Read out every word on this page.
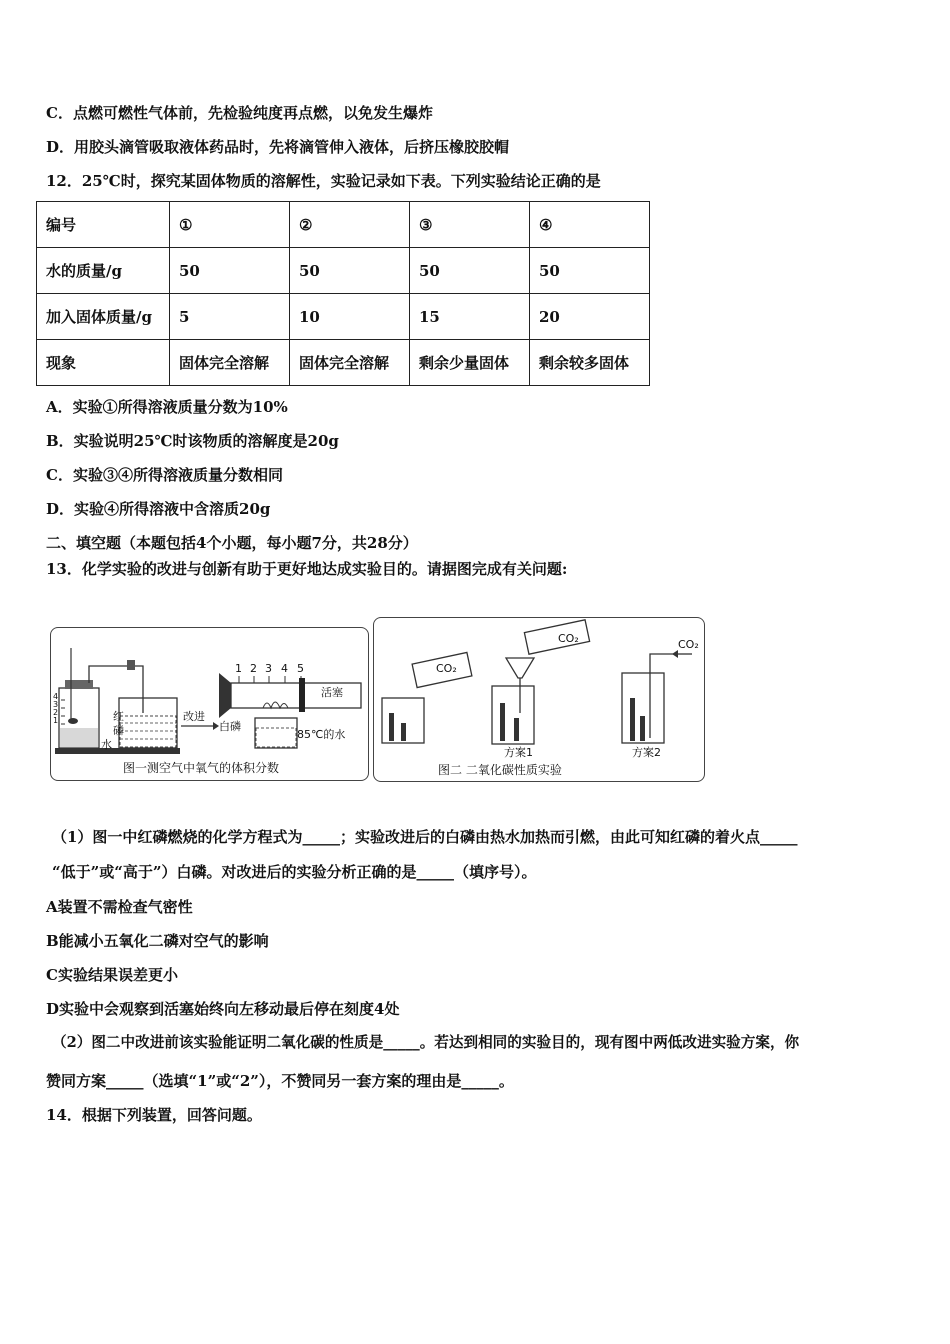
C．点燃可燃性气体前，先检验纯度再点燃，以免发生爆炸
D．用胶头滴管吸取液体药品时，先将滴管伸入液体，后挤压橡胶胶帽
12．25℃时，探究某固体物质的溶解性，实验记录如下表。下列实验结论正确的是
编号	①	②	③	④
水的质量/g	50	50	50	50
加入固体质量/g	5	10	15	20
现象	固体完全溶解	固体完全溶解	剩余少量固体	剩余较多固体
A．实验①所得溶液质量分数为10%
B．实验说明25℃时该物质的溶解度是20g
C．实验③④所得溶液质量分数相同
D．实验④所得溶液中含溶质20g
二、填空题（本题包括4个小题，每小题7分，共28分）
13．化学实验的改进与创新有助于更好地达成实验目的。请据图完成有关问题:
红
磷
水
改进
白磷
活塞
85℃的水
1 2 3 4 5
4
3
2
1
图一测空气中氧气的体积分数
CO₂
CO₂	CO₂
方案1	方案2
图二 二氧化碳性质实验
（1）图一中红磷燃烧的化学方程式为_____；实验改进后的白磷由热水加热而引燃，由此可知红磷的着火点_____
“低于”或“高于”）白磷。对改进后的实验分析正确的是_____（填序号）。
A装置不需检查气密性
B能减小五氧化二磷对空气的影响
C实验结果误差更小
D实验中会观察到活塞始终向左移动最后停在刻度4处
（2）图二中改进前该实验能证明二氧化碳的性质是_____。若达到相同的实验目的，现有图中两低改进实验方案，你
赞同方案_____（选填“1”或“2”），不赞同另一套方案的理由是_____。
14．根据下列装置，回答问题。
